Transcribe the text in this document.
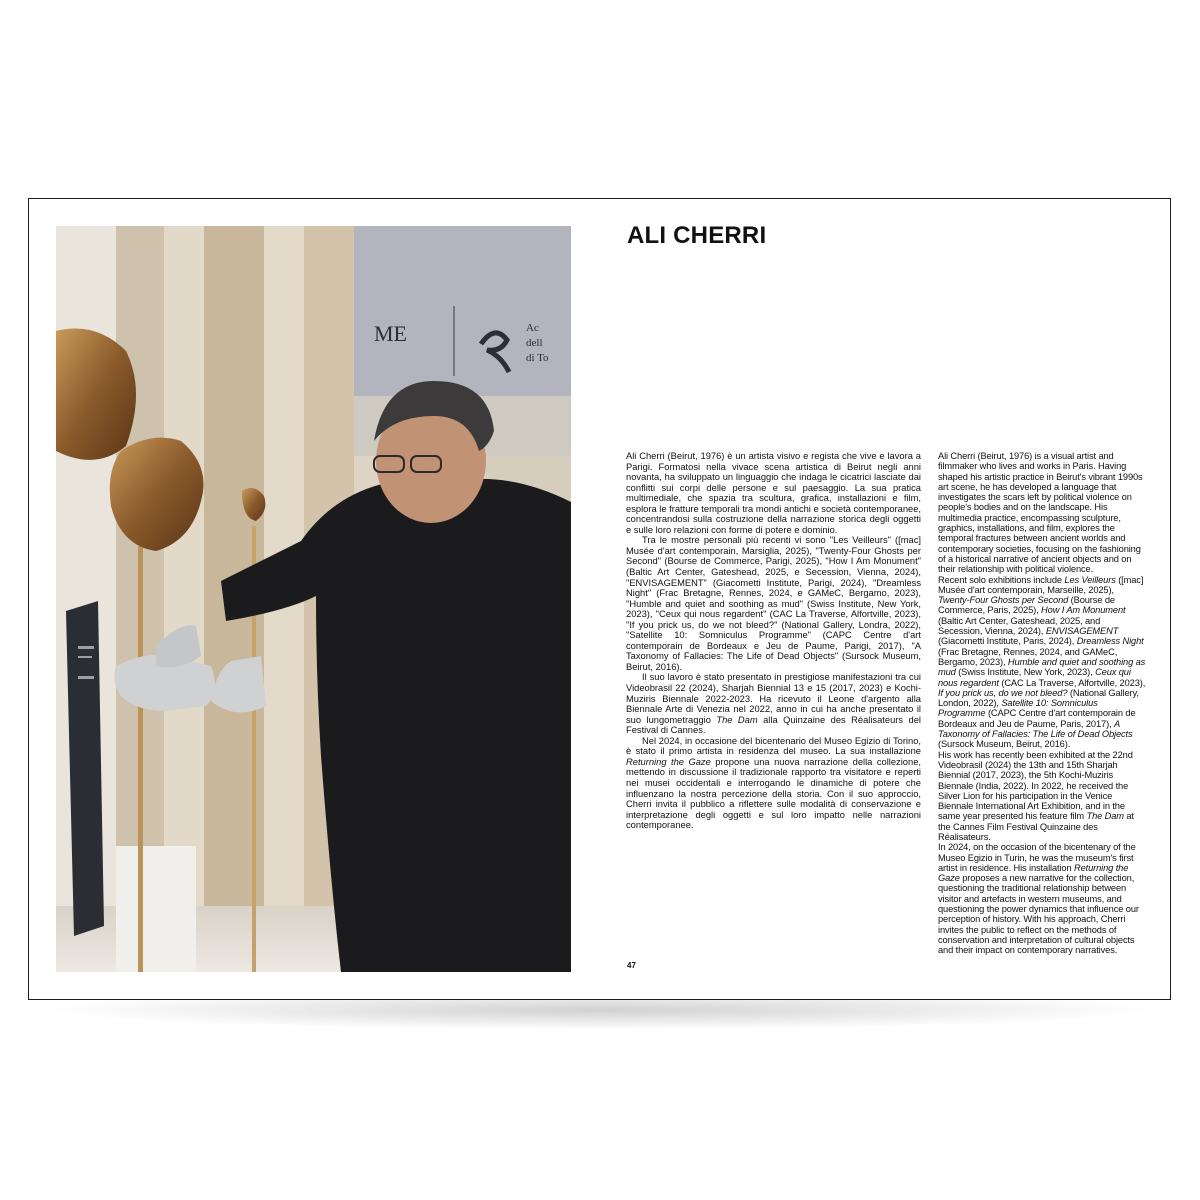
ME	Ac
dell
di To
ALI CHERRI

Ali Cherri (Beirut, 1976) è un artista visivo e regista che vive e lavora a Parigi. Formatosi nella vivace scena artistica di Beirut negli anni novanta, ha sviluppato un linguaggio che indaga le cicatrici lasciate dai conflitti sui corpi delle persone e sul paesaggio. La sua pratica multimediale, che spazia tra scultura, grafica, installazioni e film, esplora le fratture temporali tra mondi antichi e società contemporanee, concentrandosi sulla costruzione della narrazione storica degli oggetti e sulle loro relazioni con forme di potere e dominio.

Tra le mostre personali più recenti vi sono "Les Veilleurs" ([mac] Musée d'art contemporain, Marsiglia, 2025), "Twenty-Four Ghosts per Second" (Bourse de Commerce, Parigi, 2025), "How I Am Monument" (Baltic Art Center, Gateshead, 2025, e Secession, Vienna, 2024), "ENVISAGEMENT" (Giacometti Institute, Parigi, 2024), "Dreamless Night" (Frac Bretagne, Rennes, 2024, e GAMeC, Bergamo, 2023), "Humble and quiet and soothing as mud" (Swiss Institute, New York, 2023), "Ceux qui nous regardent" (CAC La Traverse, Alfortville, 2023), "If you prick us, do we not bleed?" (National Gallery, Londra, 2022), "Satellite 10: Somniculus Programme" (CAPC Centre d'art contemporain de Bordeaux e Jeu de Paume, Parigi, 2017), "A Taxonomy of Fallacies: The Life of Dead Objects" (Sursock Museum, Beirut, 2016).

Il suo lavoro è stato presentato in prestigiose manifestazioni tra cui Videobrasil 22 (2024), Sharjah Biennial 13 e 15 (2017, 2023) e Kochi-Muziris Biennale 2022-2023. Ha ricevuto il Leone d'argento alla Biennale Arte di Venezia nel 2022, anno in cui ha anche presentato il suo lungometraggio The Dam alla Quinzaine des Réalisateurs del Festival di Cannes.

Nel 2024, in occasione del bicentenario del Museo Egizio di Torino, è stato il primo artista in residenza del museo. La sua installazione Returning the Gaze propone una nuova narrazione della collezione, mettendo in discussione il tradizionale rapporto tra visitatore e reperti nei musei occidentali e interrogando le dinamiche di potere che influenzano la nostra percezione della storia. Con il suo approccio, Cherri invita il pubblico a riflettere sulle modalità di conservazione e interpretazione degli oggetti e sul loro impatto nelle narrazioni contemporanee.

Ali Cherri (Beirut, 1976) is a visual artist and filmmaker who lives and works in Paris. Having shaped his artistic practice in Beirut's vibrant 1990s art scene, he has developed a language that investigates the scars left by political violence on people's bodies and on the landscape. His multimedia practice, encompassing sculpture, graphics, installations, and film, explores the temporal fractures between ancient worlds and contemporary societies, focusing on the fashioning of a historical narrative of ancient objects and on their relationship with political violence.

Recent solo exhibitions include Les Veilleurs ([mac] Musée d'art contemporain, Marseille, 2025), Twenty-Four Ghosts per Second (Bourse de Commerce, Paris, 2025), How I Am Monument (Baltic Art Center, Gateshead, 2025, and Secession, Vienna, 2024), ENVISAGEMENT (Giacometti Institute, Paris, 2024), Dreamless Night (Frac Bretagne, Rennes, 2024, and GAMeC, Bergamo, 2023), Humble and quiet and soothing as mud (Swiss Institute, New York, 2023), Ceux qui nous regardent (CAC La Traverse, Alfortville, 2023), If you prick us, do we not bleed? (National Gallery, London, 2022), Satellite 10: Somniculus Programme (CAPC Centre d'art contemporain de Bordeaux and Jeu de Paume, Paris, 2017), A Taxonomy of Fallacies: The Life of Dead Objects (Sursock Museum, Beirut, 2016).

His work has recently been exhibited at the 22nd Videobrasil (2024) the 13th and 15th Sharjah Biennial (2017, 2023), the 5th Kochi-Muziris Biennale (India, 2022). In 2022, he received the Silver Lion for his participation in the Venice Biennale International Art Exhibition, and in the same year presented his feature film The Dam at the Cannes Film Festival Quinzaine des Réalisateurs.

In 2024, on the occasion of the bicentenary of the Museo Egizio in Turin, he was the museum's first artist in residence. His installation Returning the Gaze proposes a new narrative for the collection, questioning the traditional relationship between visitor and artefacts in western museums, and questioning the power dynamics that influence our perception of history. With his approach, Cherri invites the public to reflect on the methods of conservation and interpretation of cultural objects and their impact on contemporary narratives.

47
